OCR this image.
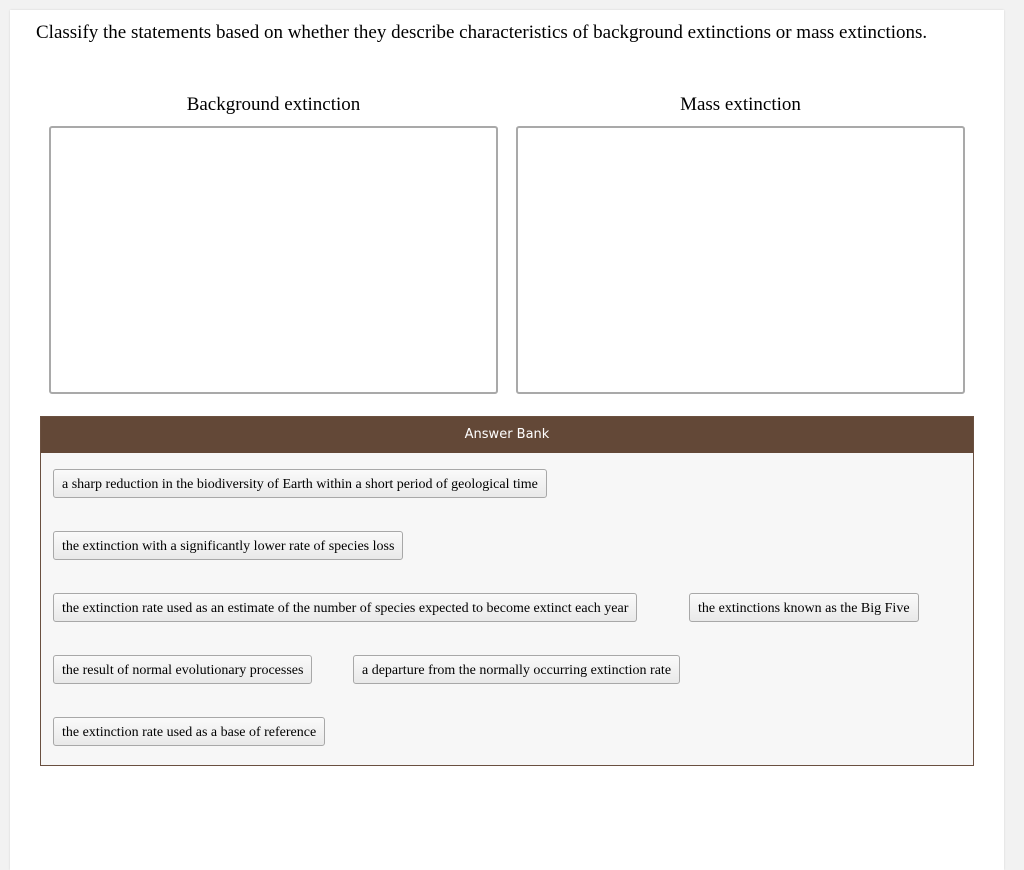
Classify the statements based on whether they describe characteristics of background extinctions or mass extinctions.
Background extinction	Mass extinction
Answer Bank
a sharp reduction in the biodiversity of Earth within a short period of geological time
the extinction with a significantly lower rate of species loss
the extinction rate used as an estimate of the number of species expected to become extinct each year	the extinctions known as the Big Five
the result of normal evolutionary processes	a departure from the normally occurring extinction rate
the extinction rate used as a base of reference
